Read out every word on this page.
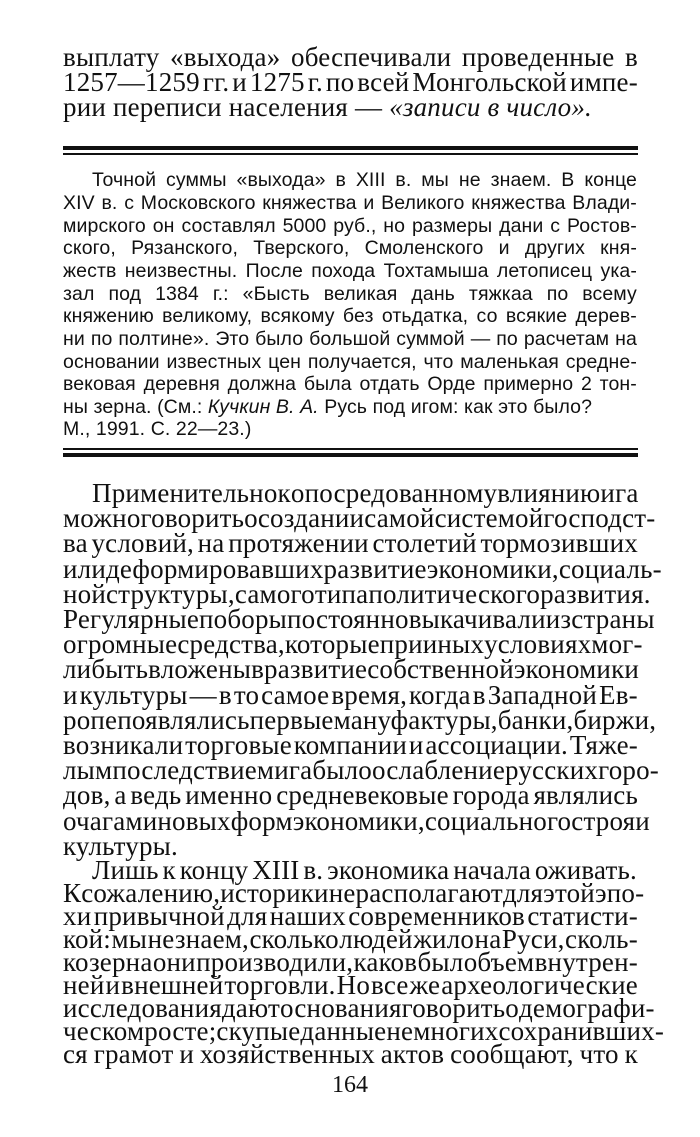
выплату «выхода» обеспечивали проведенные в
1257—1259 гг. и 1275 г. по всей Монгольской импе-
рии переписи населения — «записи в число».
Точной суммы «выхода» в XIII в. мы не знаем. В конце
XIV в. с Московского княжества и Великого княжества Влади-
мирского он составлял 5000 руб., но размеры дани с Ростов-
ского, Рязанского, Тверского, Смоленского и других кня-
жеств неизвестны. После похода Тохтамыша летописец ука-
зал под 1384 г.: «Бысть великая дань тяжкаа по всему
княжению великому, всякому без отьдатка, со всякие дерев-
ни по полтине». Это было большой суммой — по расчетам на
основании известных цен получается, что маленькая средне-
вековая деревня должна была отдать Орде примерно 2 тон-
ны зерна. (См.: Кучкин В. А. Русь под игом: как это было?
М., 1991. С. 22—23.)
Применительно к опосредованному влиянию ига
можно говорить о создании самой системой господст-
ва условий, на протяжении столетий тормозивших
или деформировавших развитие экономики, социаль-
ной структуры, самого типа политического развития.
Регулярные поборы постоянно выкачивали из страны
огромные средства, которые при иных условиях мог-
ли быть вложены в развитие собственной экономики
и культуры — в то самое время, когда в Западной Ев-
ропе появлялись первые мануфактуры, банки, биржи,
возникали торговые компании и ассоциации. Тяже-
лым последствием ига было ослабление русских горо-
дов, а ведь именно средневековые города являлись
очагами новых форм экономики, социального строя и
культуры.
Лишь к концу XIII в. экономика начала оживать.
К сожалению, историки не располагают для этой эпо-
хи привычной для наших современников статисти-
кой: мы не знаем, сколько людей жило на Руси, сколь-
ко зерна они производили, каков был объем внутрен-
ней и внешней торговли. Но все же археологические
исследования дают основания говорить о демографи-
ческом росте; скупые данные немногих сохранивших-
ся грамот и хозяйственных актов сообщают, что к
164
